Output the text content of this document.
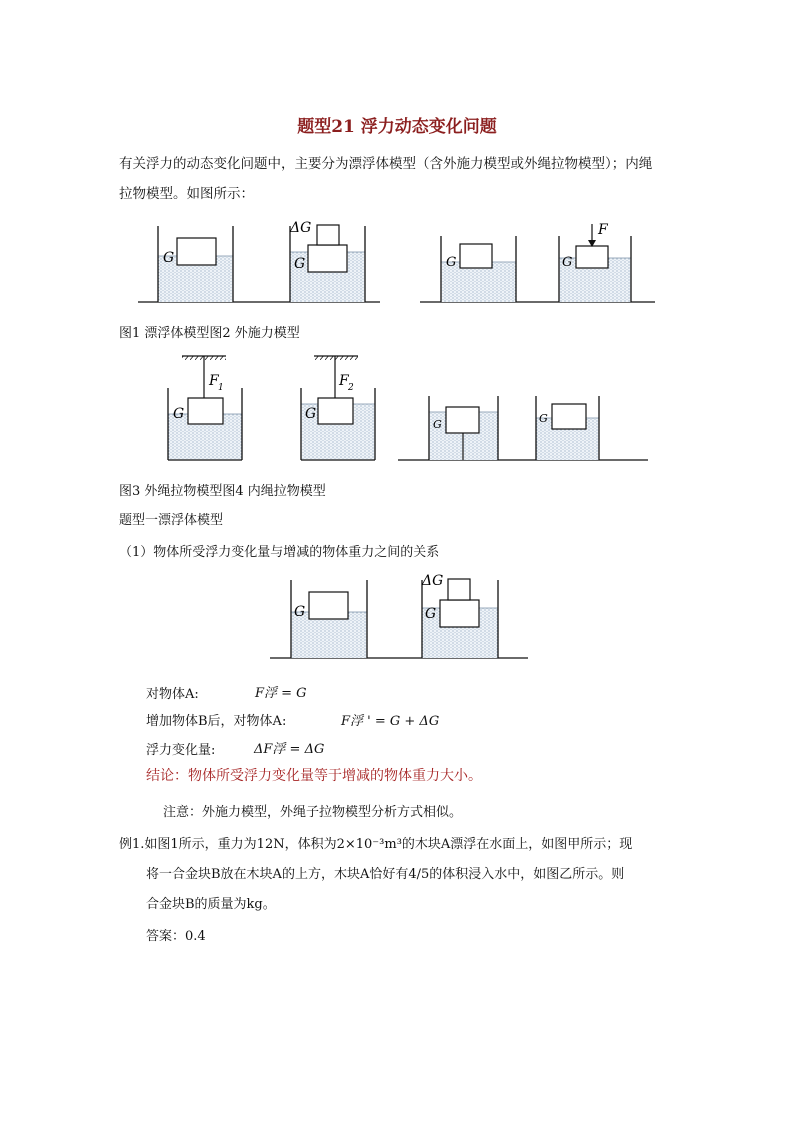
题型21 浮力动态变化问题
有关浮力的动态变化问题中，主要分为漂浮体模型（含外施力模型或外绳拉物模型）；内绳
拉物模型。如图所示：
G	G
ΔG
G	G
F
G
F 1
G
F 2
G	G
G	G
ΔG
图1 漂浮体模型图2 外施力模型
图3 外绳拉物模型图4 内绳拉物模型
题型一漂浮体模型
（1）物体所受浮力变化量与增减的物体重力之间的关系
对物体A:	F浮 = G
增加物体B后，对物体A:	F浮 ' = G + ΔG
浮力变化量:	ΔF浮 = ΔG
结论：物体所受浮力变化量等于增减的物体重力大小。
注意：外施力模型，外绳子拉物模型分析方式相似。
例1.如图1所示，重力为12N，体积为2×10⁻³m³的木块A漂浮在水面上，如图甲所示；现
将一合金块B放在木块A的上方，木块A恰好有4/5的体积浸入水中，如图乙所示。则
合金块B的质量为kg。
答案：0.4
